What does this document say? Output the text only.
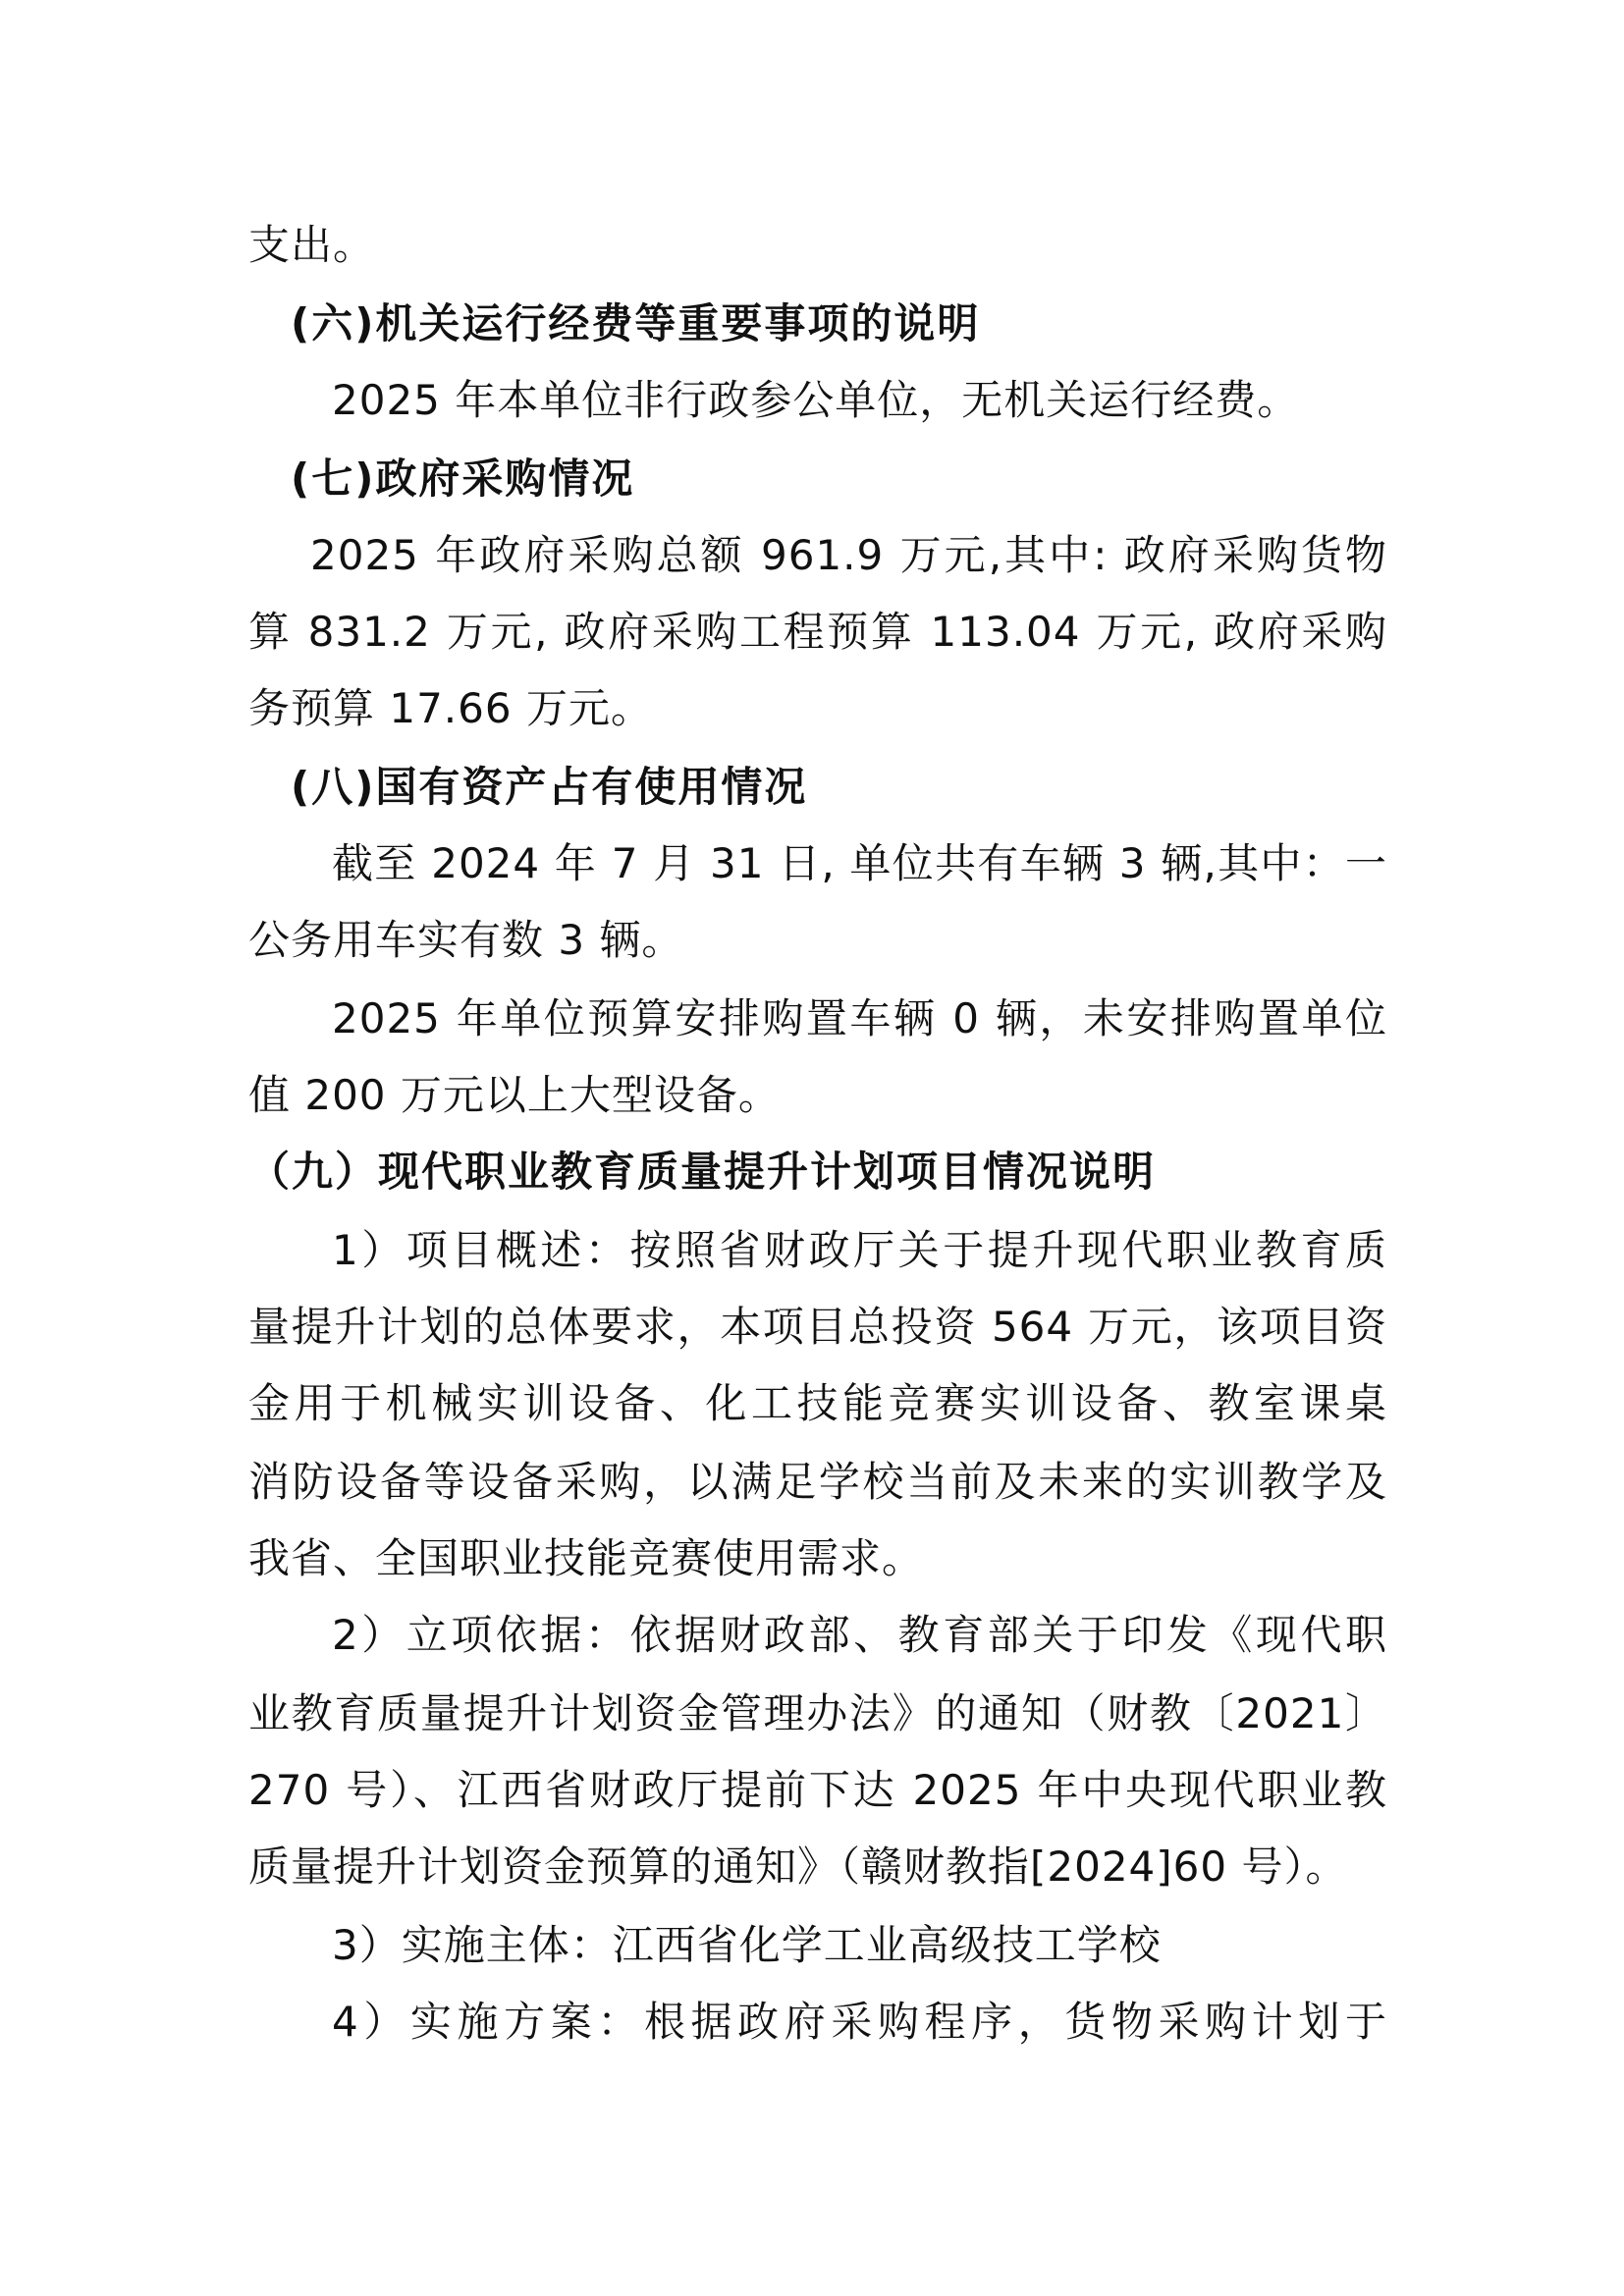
支出。
(六)机关运行经费等重要事项的说明
2025 年本单位非行政参公单位，无机关运行经费。
(七)政府采购情况
2025 年政府采购总额 961.9 万元,其中: 政府采购货物
算 831.2 万元, 政府采购工程预算 113.04 万元, 政府采购
务预算 17.66 万元。
(八)国有资产占有使用情况
截至 2024 年 7 月 31 日, 单位共有车辆 3 辆,其中：一
公务用车实有数 3 辆。
2025 年单位预算安排购置车辆 0 辆，未安排购置单位
值 200 万元以上大型设备。
（九）现代职业教育质量提升计划项目情况说明
1）项目概述：按照省财政厅关于提升现代职业教育质
量提升计划的总体要求，本项目总投资 564 万元，该项目资
金用于机械实训设备、化工技能竞赛实训设备、教室课桌
消防设备等设备采购，以满足学校当前及未来的实训教学及
我省、全国职业技能竞赛使用需求。
2）立项依据：依据财政部、教育部关于印发《现代职
业教育质量提升计划资金管理办法》的通知（财教〔2021〕
270 号）、江西省财政厅提前下达 2025 年中央现代职业教
质量提升计划资金预算的通知》（赣财教指[2024]60 号）。
3）实施主体：江西省化学工业高级技工学校
4）实施方案：根据政府采购程序，货物采购计划于
